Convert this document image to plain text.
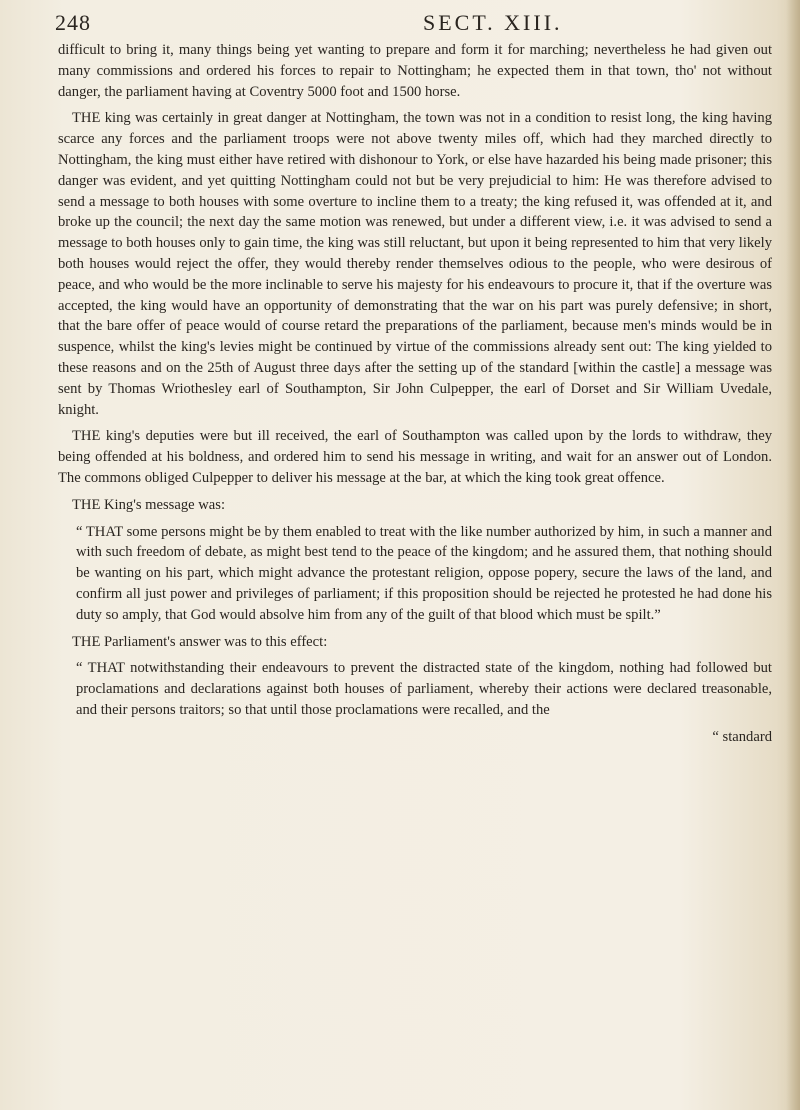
248	SECT. XIII.

difficult to bring it, many things being yet wanting to prepare and form it for marching; nevertheless he had given out many commissions and ordered his forces to repair to Nottingham; he expected them in that town, tho' not without danger, the parliament having at Coventry 5000 foot and 1500 horse.

THE king was certainly in great danger at Nottingham, the town was not in a condition to resist long, the king having scarce any forces and the parliament troops were not above twenty miles off, which had they marched directly to Nottingham, the king must either have retired with dishonour to York, or else have hazarded his being made prisoner; this danger was evident, and yet quitting Nottingham could not but be very prejudicial to him: He was therefore advised to send a message to both houses with some overture to incline them to a treaty; the king refused it, was offended at it, and broke up the council; the next day the same motion was renewed, but under a different view, i.e. it was advised to send a message to both houses only to gain time, the king was still reluctant, but upon it being represented to him that very likely both houses would reject the offer, they would thereby render themselves odious to the people, who were desirous of peace, and who would be the more inclinable to serve his majesty for his endeavours to procure it, that if the overture was accepted, the king would have an opportunity of demonstrating that the war on his part was purely defensive; in short, that the bare offer of peace would of course retard the preparations of the parliament, because men's minds would be in suspence, whilst the king's levies might be continued by virtue of the commissions already sent out: The king yielded to these reasons and on the 25th of August three days after the setting up of the standard [within the castle] a message was sent by Thomas Wriothesley earl of Southampton, Sir John Culpepper, the earl of Dorset and Sir William Uvedale, knight.

THE king's deputies were but ill received, the earl of Southampton was called upon by the lords to withdraw, they being offended at his boldness, and ordered him to send his message in writing, and wait for an answer out of London. The commons obliged Culpepper to deliver his message at the bar, at which the king took great offence.

THE King's message was:

“ THAT some persons might be by them enabled to treat with the like number authorized by him, in such a manner and with such freedom of debate, as might best tend to the peace of the kingdom; and he assured them, that nothing should be wanting on his part, which might advance the protestant religion, oppose popery, secure the laws of the land, and confirm all just power and privileges of parliament; if this proposition should be rejected he protested he had done his duty so amply, that God would absolve him from any of the guilt of that blood which must be spilt.”

THE Parliament's answer was to this effect:

“ THAT notwithstanding their endeavours to prevent the distracted state of the kingdom, nothing had followed but proclamations and declarations against both houses of parliament, whereby their actions were declared treasonable, and their persons traitors; so that until those proclamations were recalled, and the

“ standard
